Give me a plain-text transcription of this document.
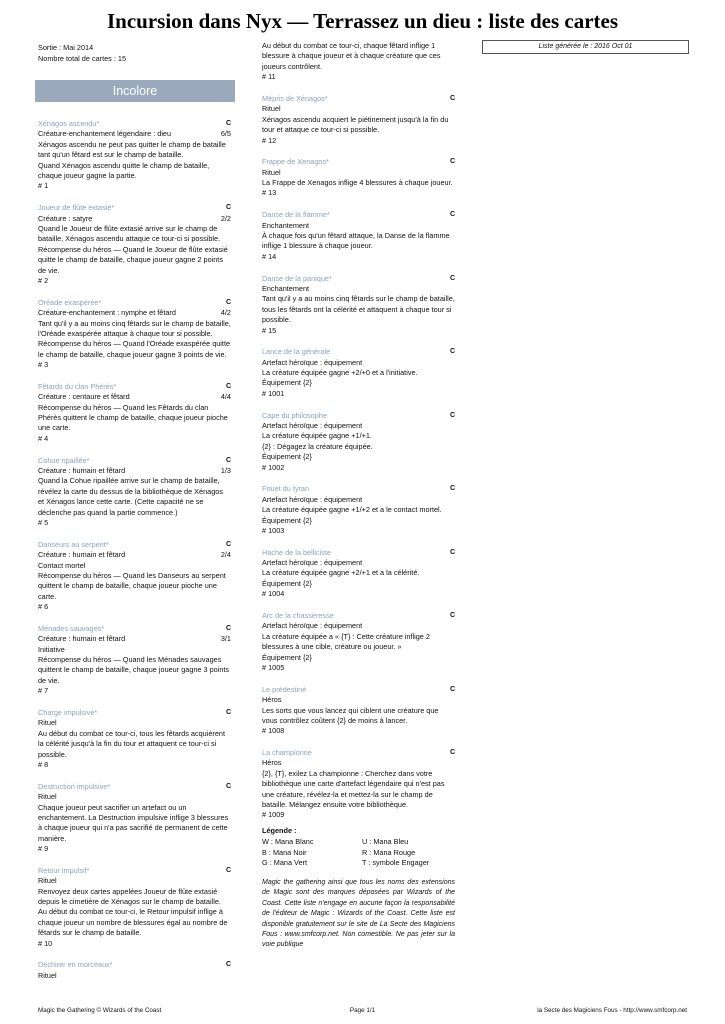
Incursion dans Nyx — Terrassez un dieu : liste des cartes
Sortie : Mai 2014
Nombre total de cartes : 15
Liste générée le : 2016 Oct 01
Incolore
Xénagos ascendu*	C
Créature-enchantement légendaire : dieu	6/5
Xénagos ascendu ne peut pas quitter le champ de bataille tant qu'un fêtard est sur le champ de bataille.
Quand Xénagos ascendu quitte le champ de bataille, chaque joueur gagne la partie.
# 1
Joueur de flûte extasié*	C
Créature : satyre	2/2
Quand le Joueur de flûte extasié arrive sur le champ de bataille, Xénagos ascendu attaque ce tour-ci si possible.
Récompense du héros — Quand le Joueur de flûte extasié quitte le champ de bataille, chaque joueur gagne 2 points de vie.
# 2
Oréade exaspérée*	C
Créature-enchantement : nymphe et fêtard	4/2
Tant qu'il y a au moins cinq fêtards sur le champ de bataille, l'Oréade exaspérée attaque à chaque tour si possible.
Récompense du héros — Quand l'Oréade exaspérée quitte le champ de bataille, chaque joueur gagne 3 points de vie.
# 3
Fêtards du clan Phérès*	C
Créature : centaure et fêtard	4/4
Récompense du héros — Quand les Fêtards du clan Phérès quittent le champ de bataille, chaque joueur pioche une carte.
# 4
Cohue ripaillée*	C
Créature : humain et fêtard	1/3
Quand la Cohue ripaillée arrive sur le champ de bataille, révélez la carte du dessus de la bibliothèque de Xénagos et Xénagos lance cette carte. (Cette capacité ne se déclenche pas quand la partie commence.)
# 5
Danseurs au serpent*	C
Créature : humain et fêtard	2/4
Contact mortel
Récompense du héros — Quand les Danseurs au serpent quittent le champ de bataille, chaque joueur pioche une carte.
# 6
Ménades sauvages*	C
Créature : humain et fêtard	3/1
Initiative
Récompense du héros — Quand les Ménades sauvages quittent le champ de bataille, chaque joueur gagne 3 points de vie.
# 7
Charge impulsive*	C
Rituel
Au début du combat ce tour-ci, tous les fêtards acquièrent la célérité jusqu'à la fin du tour et attaquent ce tour-ci si possible.
# 8
Destruction impulsive*	C
Rituel
Chaque joueur peut sacrifier un artefact ou un enchantement. La Destruction impulsive inflige 3 blessures à chaque joueur qui n'a pas sacrifié de permanent de cette manière.
# 9
Retour impulsif*	C
Rituel
Renvoyez deux cartes appelées Joueur de flûte extasié depuis le cimetière de Xénagos sur le champ de bataille.
Au début du combat ce tour-ci, le Retour impulsif inflige à chaque joueur un nombre de blessures égal au nombre de fêtards sur le champ de bataille.
# 10
Déchirer en morceaux*	C
Rituel
Au début du combat ce tour-ci, chaque fêtard inflige 1 blessure à chaque joueur et à chaque créature que ces joueurs contrôlent.
# 11
Mépris de Xénagos*	C
Rituel
Xénagos ascendu acquiert le piétinement jusqu'à la fin du tour et attaque ce tour-ci si possible.
# 12
Frappe de Xenagos*	C
Rituel
La Frappe de Xenagos inflige 4 blessures à chaque joueur.
# 13
Danse de la flamme*	C
Enchantement
À chaque fois qu'un fêtard attaque, la Danse de la flamme inflige 1 blessure à chaque joueur.
# 14
Danse de la panique*	C
Enchantement
Tant qu'il y a au moins cinq fêtards sur le champ de bataille, tous les fêtards ont la célérité et attaquent à chaque tour si possible.
# 15
Lance de la générale	C
Artefact héroïque : équipement
La créature équipée gagne +2/+0 et a l'initiative.
Équipement {2}
# 1001
Cape du philosophe	C
Artefact héroïque : équipement
La créature équipée gagne +1/+1.
{2} : Dégagez la créature équipée.
Équipement {2}
# 1002
Fouet du tyran	C
Artefact héroïque : équipement
La créature équipée gagne +1/+2 et a le contact mortel.
Équipement {2}
# 1003
Hache de la belliciste	C
Artefact héroïque : équipement
La créature équipée gagne +2/+1 et a la célérité.
Équipement {2}
# 1004
Arc de la chasseresse	C
Artefact héroïque : équipement
La créature équipée a « {T} : Cette créature inflige 2 blessures à une cible, créature ou joueur. »
Équipement {2}
# 1005
Le prédestiné	C
Héros
Les sorts que vous lancez qui ciblent une créature que vous contrôlez coûtent {2} de moins à lancer.
# 1008
La championne	C
Héros
{2}, {T}, exilez La championne : Cherchez dans votre bibliothèque une carte d'artefact légendaire qui n'est pas une créature, révélez-la et mettez-la sur le champ de bataille. Mélangez ensuite votre bibliothèque.
# 1009
Légende :
W : Mana Blanc	U : Mana Bleu
B : Mana Noir	R : Mana Rouge
G : Mana Vert	T : symbole Engager
Magic the gathering ainsi que tous les noms des extensions de Magic sont des marques déposées par Wizards of the Coast. Cette liste n'engage en aucune façon la responsabilité de l'éditeur de Magic : Wizards of the Coast. Cette liste est disponible gratuitement sur le site de La Secte des Magiciens Fous : www.smfcorp.net. Non comestible. Ne pas jeter sur la voie publique
Magic the Gathering © Wizards of the Coast	Page 1/1	la Secte des Magiciens Fous - http://www.smfcorp.net
